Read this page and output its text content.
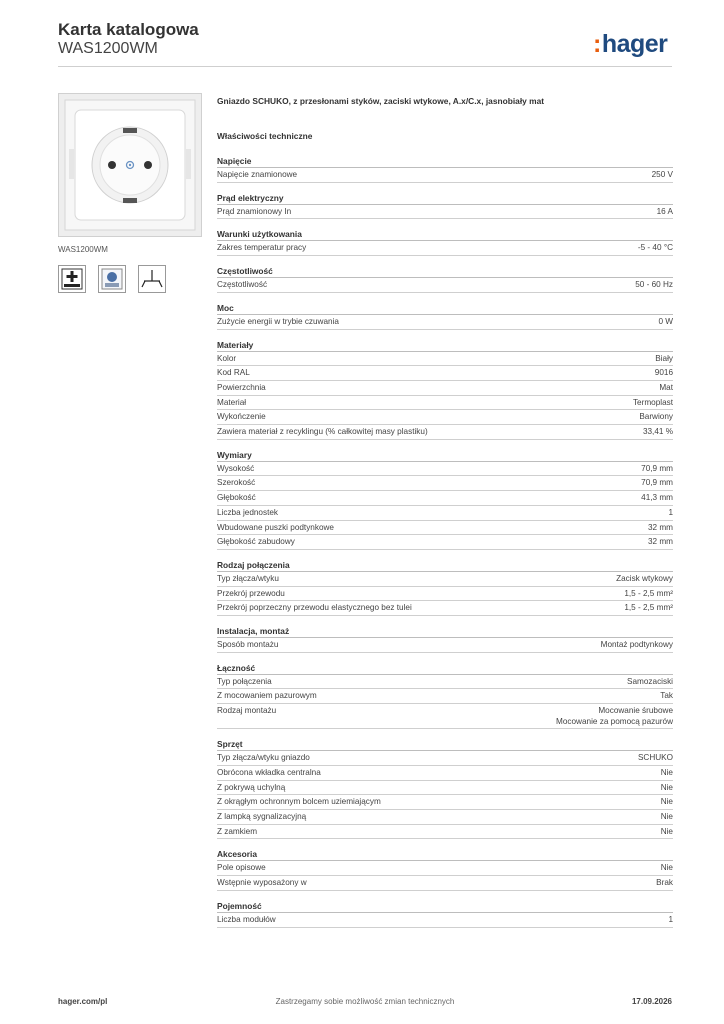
Karta katalogowa
WAS1200WM	:hager
WAS1200WM
Gniazdo SCHUKO, z przesłonami styków, zaciski wtykowe, A.x/C.x, jasnobiały mat
Właściwości techniczne
Napięcie
Napięcie znamionowe	250 V
Prąd elektryczny
Prąd znamionowy In	16 A
Warunki użytkowania
Zakres temperatur pracy	-5 - 40 °C
Częstotliwość
Częstotliwość	50 - 60 Hz
Moc
Zużycie energii w trybie czuwania	0 W
Materiały
Kolor	Biały
Kod RAL	9016
Powierzchnia	Mat
Materiał	Termoplast
Wykończenie	Barwiony
Zawiera materiał z recyklingu (% całkowitej masy plastiku)	33,41 %
Wymiary
Wysokość	70,9 mm
Szerokość	70,9 mm
Głębokość	41,3 mm
Liczba jednostek	1
Wbudowane puszki podtynkowe	32 mm
Głębokość zabudowy	32 mm
Rodzaj połączenia
Typ złącza/wtyku	Zacisk wtykowy
Przekrój przewodu	1,5 - 2,5 mm²
Przekrój poprzeczny przewodu elastycznego bez tulei	1,5 - 2,5 mm²
Instalacja, montaż
Sposób montażu	Montaż podtynkowy
Łączność
Typ połączenia	Samozaciski
Z mocowaniem pazurowym	Tak
Rodzaj montażu	Mocowanie śrubowe
Mocowanie za pomocą pazurów
Sprzęt
Typ złącza/wtyku gniazdo	SCHUKO
Obrócona wkładka centralna	Nie
Z pokrywą uchylną	Nie
Z okrągłym ochronnym bolcem uziemiającym	Nie
Z lampką sygnalizacyjną	Nie
Z zamkiem	Nie
Akcesoria
Pole opisowe	Nie
Wstępnie wyposażony w	Brak
Pojemność
Liczba modułów	1
hager.com/pl	Zastrzegamy sobie możliwość zmian technicznych	17.09.2026
